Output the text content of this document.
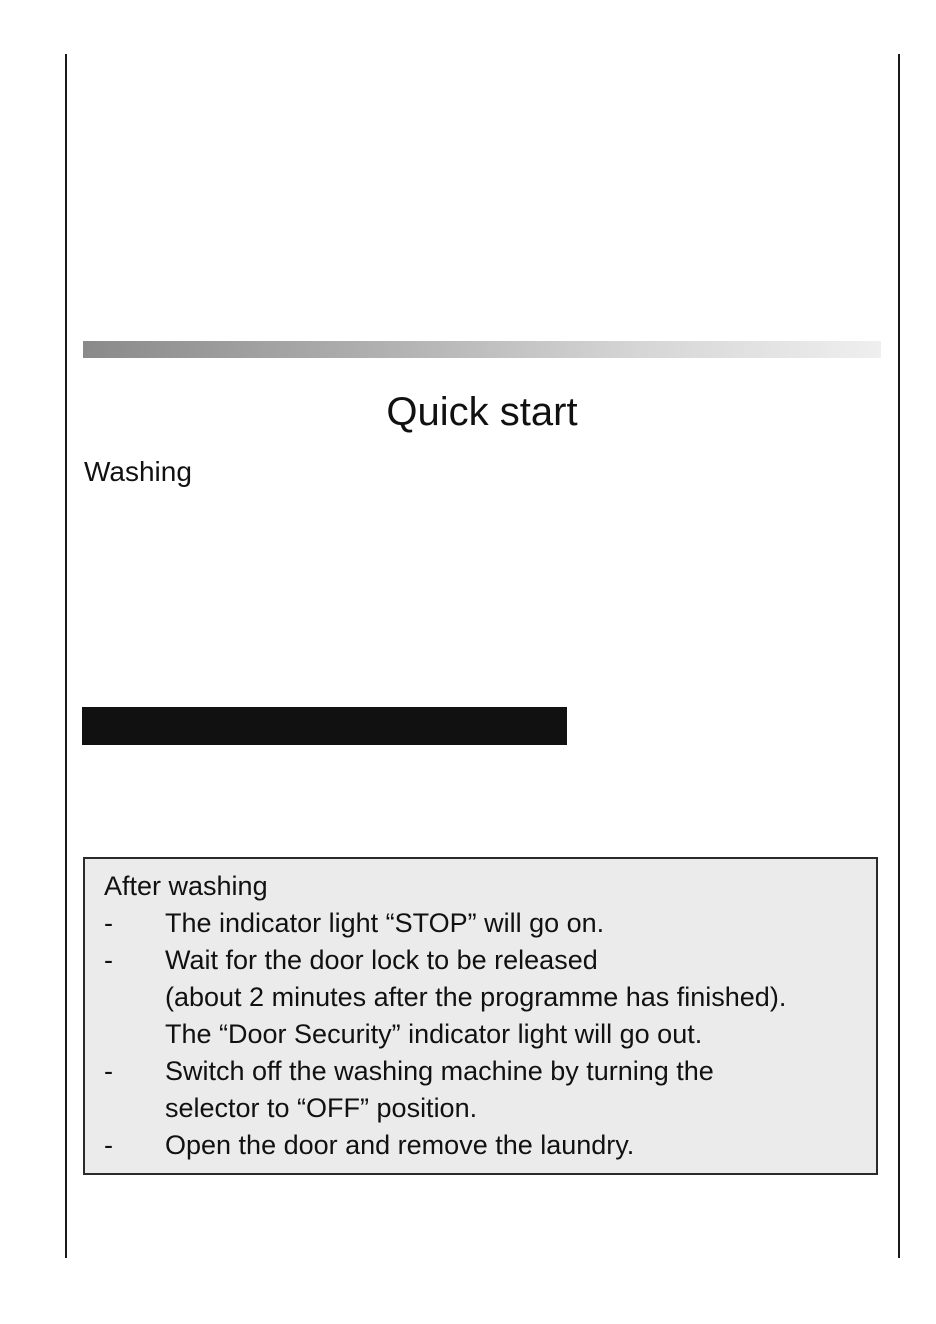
Quick start
Washing
After washing
-	The indicator light “STOP” will go on.
-	Wait for the door lock to be released
(about 2 minutes after the programme has finished).
The “Door Security” indicator light will go out.
-	Switch off the washing machine by turning the
selector to “OFF” position.
-	Open the door and remove the laundry.
